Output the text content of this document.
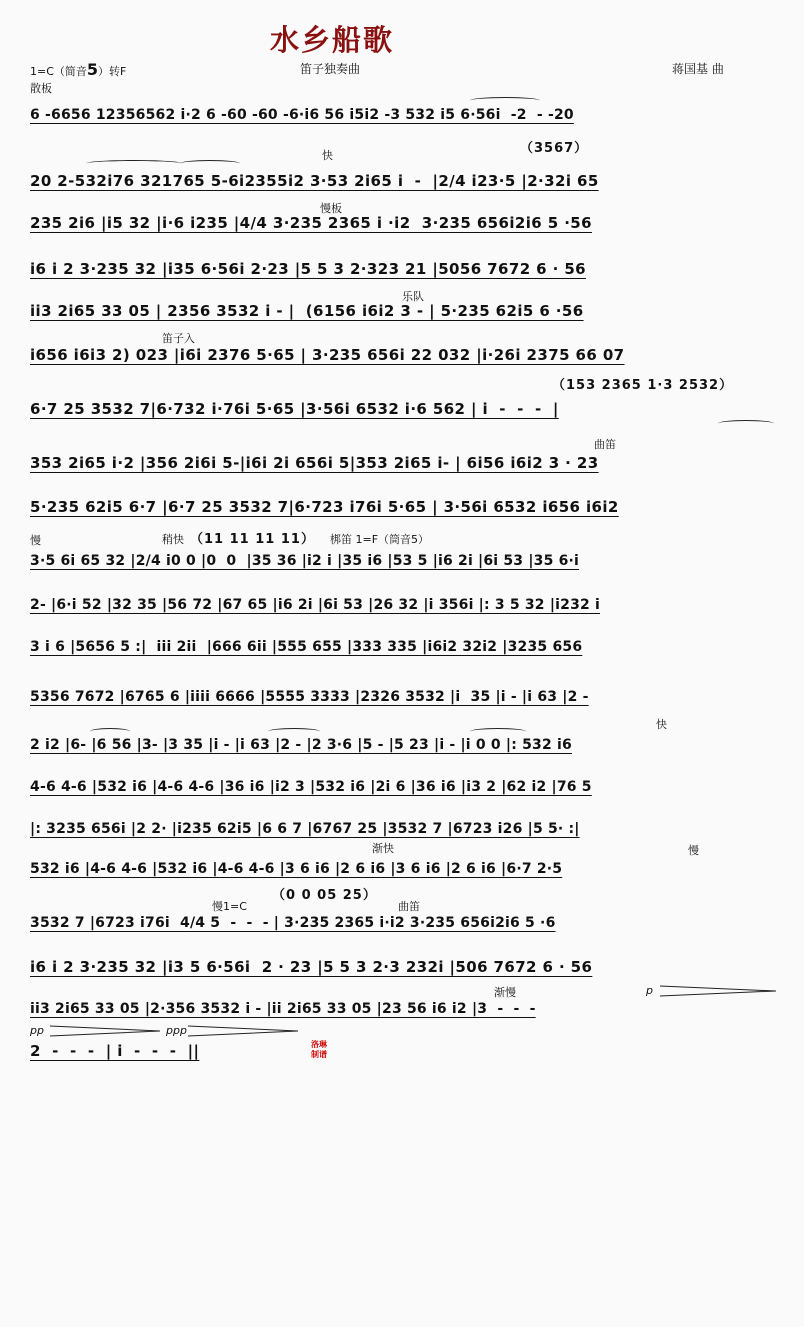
水乡船歌
1=C（简音5）转F	笛子独奏曲	蒋国基 曲
散板
快
慢板
乐队
笛子入
曲笛
慢	稍快	梆笛 1=F（筒音5）
快
渐快	慢
慢1=C	曲笛
渐慢	p
pp	ppp
（3567）
（153 2365 1·3 2532）
（11 11 11 11）
（0 0 05 25）
6 -6656 12356562 i·2 6 -60 -60 -6·i6 56 i5i2 -3 532 i5 6·56i  -2  - -20
20 2-532i76 321765 5-6i2355i2 3·53 2i65 i  -  |2/4 i23·5 |2·32i 65
235 2i6 |i5 32 |i·6 i235 |4/4 3·235 2365 i ·i2  3·235 656i2i6 5 ·56
i6 i 2 3·235 32 |i35 6·56i 2·23 |5 5 3 2·323 21 |5056 7672 6 · 56
ii3 2i65 33 05 | 2356 3532 i - |  (6156 i6i2 3 - | 5·235 62i5 6 ·56
i656 i6i3 2) 023 |i6i 2376 5·65 | 3·235 656i 22 032 |i·26i 2375 66 07
6·7 25 3532 7|6·732 i·76i 5·65 |3·56i 6532 i·6 562 | i  -  -  -  |
353 2i65 i·2 |356 2i6i 5-|i6i 2i 656i 5|353 2i65 i- | 6i56 i6i2 3 · 23
5·235 62i5 6·7 |6·7 25 3532 7|6·723 i76i 5·65 | 3·56i 6532 i656 i6i2
3·5 6i 65 32 |2/4 i0 0 |0  0  |35 36 |i2 i |35 i6 |53 5 |i6 2i |6i 53 |35 6·i
2- |6·i 52 |32 35 |56 72 |67 65 |i6 2i |6i 53 |26 32 |i 356i |: 3 5 32 |i232 i
3 i 6 |5656 5 :|  iii 2ii  |666 6ii |555 655 |333 335 |i6i2 32i2 |3235 656
5356 7672 |6765 6 |iiii 6666 |5555 3333 |2326 3532 |i  35 |i - |i 63 |2 -
2 i2 |6- |6 56 |3- |3 35 |i - |i 63 |2 - |2 3·6 |5 - |5 23 |i - |i 0 0 |: 532 i6
4-6 4-6 |532 i6 |4-6 4-6 |36 i6 |i2 3 |532 i6 |2i 6 |36 i6 |i3 2 |62 i2 |76 5
|: 3235 656i |2 2· |i235 62i5 |6 6 7 |6767 25 |3532 7 |6723 i26 |5 5· :|
532 i6 |4-6 4-6 |532 i6 |4-6 4-6 |3 6 i6 |2 6 i6 |3 6 i6 |2 6 i6 |6·7 2·5
3532 7 |6723 i76i  4/4 5  -  -  - | 3·235 2365 i·i2 3·235 656i2i6 5 ·6
i6 i 2 3·235 32 |i3 5 6·56i  2 · 23 |5 5 3 2·3 232i |506 7672 6 · 56
ii3 2i65 33 05 |2·356 3532 i - |ii 2i65 33 05 |23 56 i6 i2 |3  -  -  -
2  -  -  -  | i  -  -  -  ||	洛琳制谱
